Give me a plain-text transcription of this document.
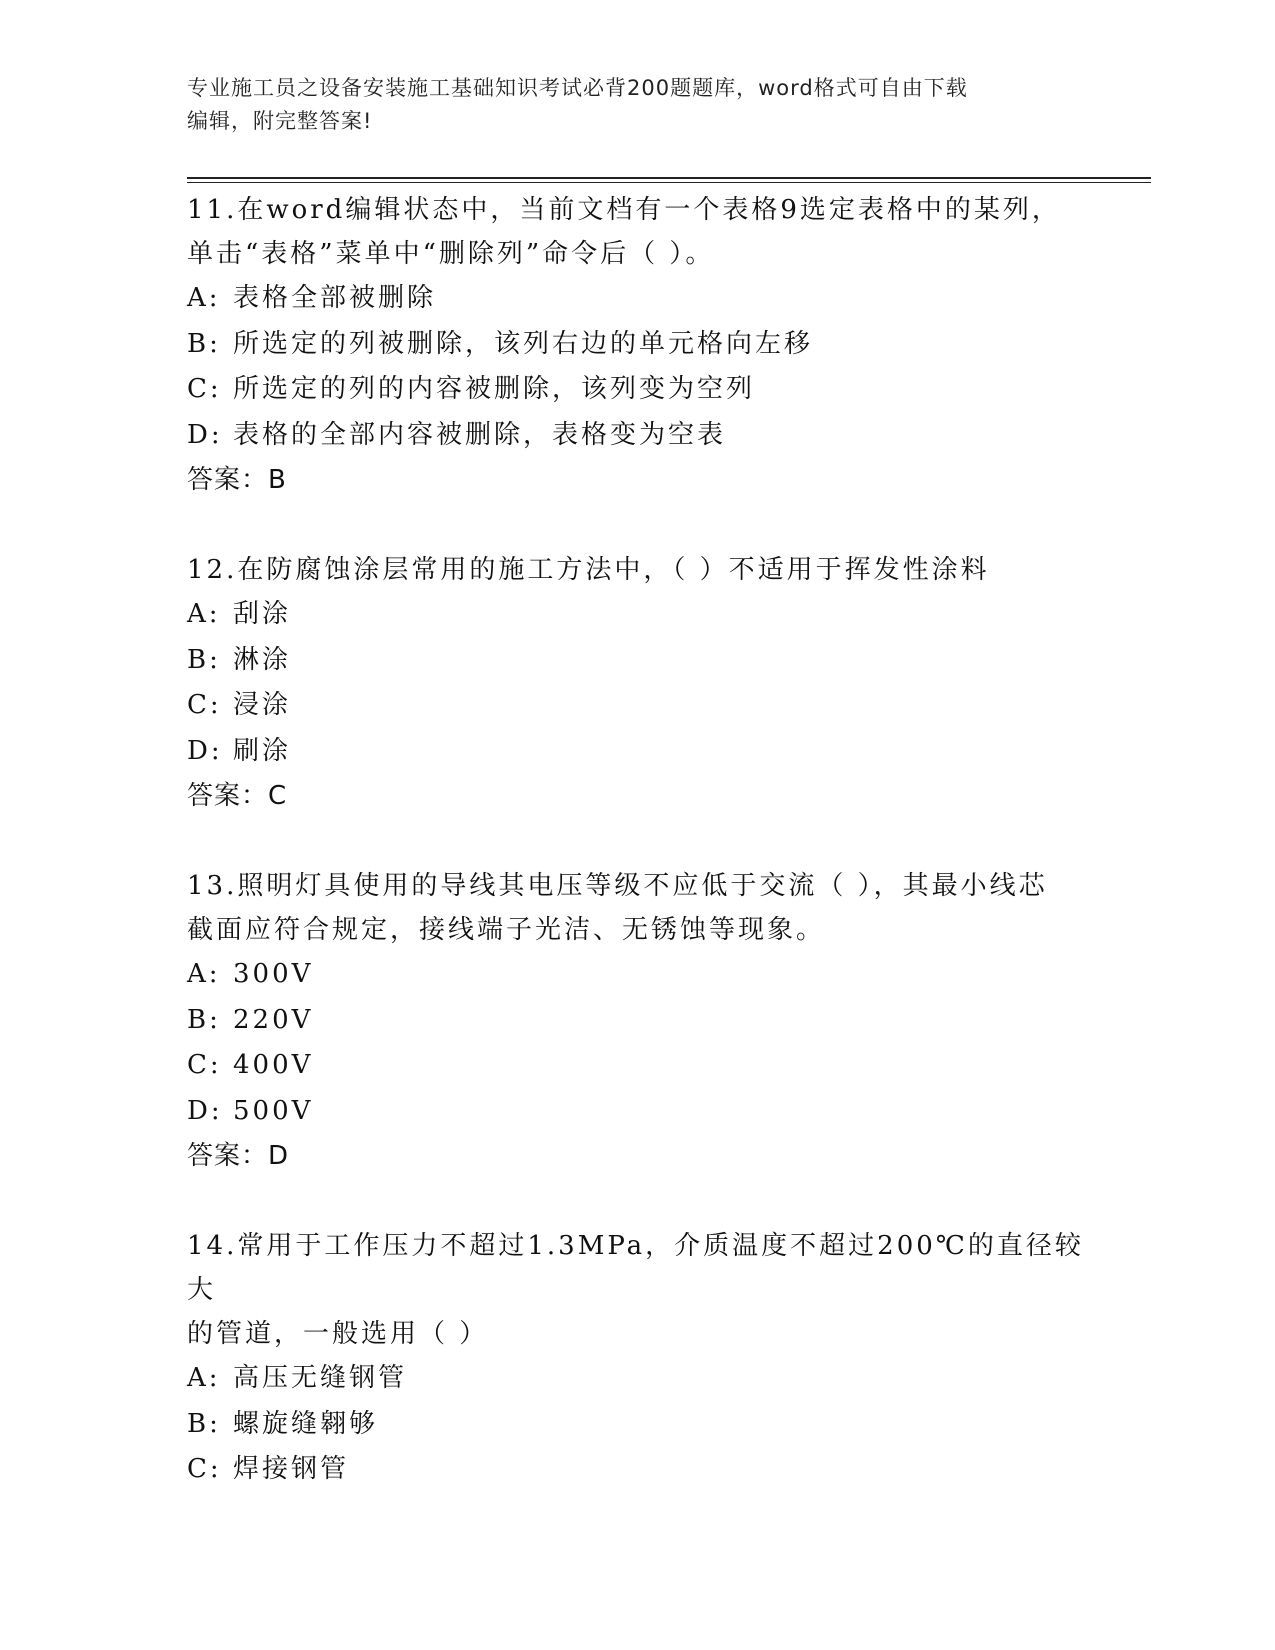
专业施工员之设备安装施工基础知识考试必背200题题库，word格式可自由下载
编辑，附完整答案!
11.在word编辑状态中，当前文档有一个表格9选定表格中的某列，
单击“表格”菜单中“删除列”命令后（ ）。
A: 表格全部被删除
B: 所选定的列被删除，该列右边的单元格向左移
C: 所选定的列的内容被删除，该列变为空列
D: 表格的全部内容被删除，表格变为空表
答案：B
12.在防腐蚀涂层常用的施工方法中，（ ）不适用于挥发性涂料
A: 刮涂
B: 淋涂
C: 浸涂
D: 刷涂
答案：C
13.照明灯具使用的导线其电压等级不应低于交流（ ），其最小线芯
截面应符合规定，接线端子光洁、无锈蚀等现象。
A: 300V
B: 220V
C: 400V
D: 500V
答案：D
14.常用于工作压力不超过1.3MPa，介质温度不超过200℃的直径较大
的管道，一般选用（ ）
A: 高压无缝钢管
B: 螺旋缝翱够
C: 焊接钢管
